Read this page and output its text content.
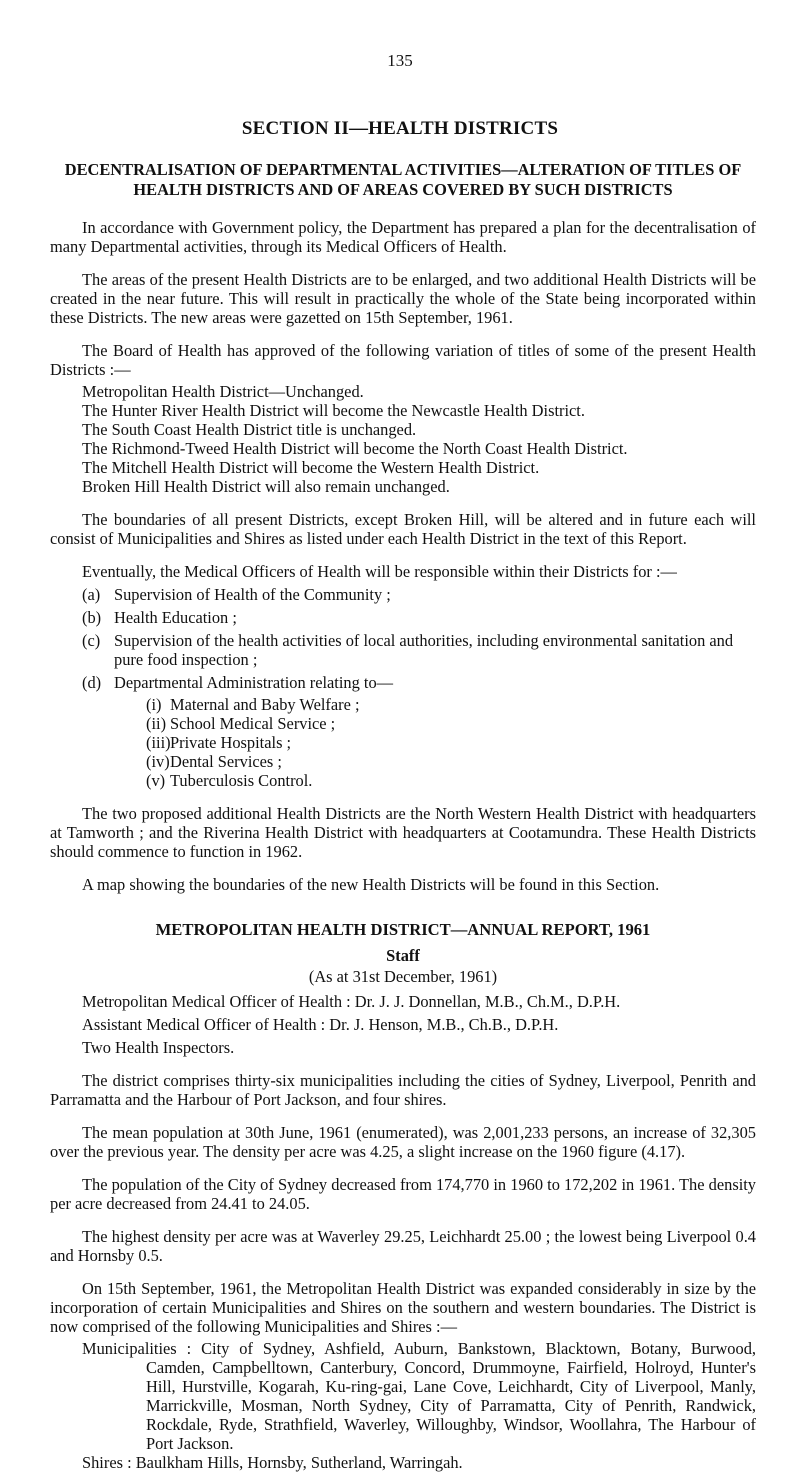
135
SECTION II—HEALTH DISTRICTS
DECENTRALISATION OF DEPARTMENTAL ACTIVITIES—ALTERATION OF TITLES OF HEALTH DISTRICTS AND OF AREAS COVERED BY SUCH DISTRICTS

In accordance with Government policy, the Department has prepared a plan for the decentralisation of many Departmental activities, through its Medical Officers of Health.

The areas of the present Health Districts are to be enlarged, and two additional Health Districts will be created in the near future. This will result in practically the whole of the State being incorporated within these Districts. The new areas were gazetted on 15th September, 1961.

The Board of Health has approved of the following variation of titles of some of the present Health Districts :—

Metropolitan Health District—Unchanged.
The Hunter River Health District will become the Newcastle Health District.
The South Coast Health District title is unchanged.
The Richmond-Tweed Health District will become the North Coast Health District.
The Mitchell Health District will become the Western Health District.
Broken Hill Health District will also remain unchanged.

The boundaries of all present Districts, except Broken Hill, will be altered and in future each will consist of Municipalities and Shires as listed under each Health District in the text of this Report.

Eventually, the Medical Officers of Health will be responsible within their Districts for :—

(a) Supervision of Health of the Community ;
(b) Health Education ;
(c) Supervision of the health activities of local authorities, including environmental sanitation and pure food inspection ;
(d) Departmental Administration relating to—
(i) Maternal and Baby Welfare ;
(ii) School Medical Service ;
(iii)Private Hospitals ;
(iv)Dental Services ;
(v) Tuberculosis Control.

The two proposed additional Health Districts are the North Western Health District with headquarters at Tamworth ; and the Riverina Health District with headquarters at Cootamundra. These Health Districts should commence to function in 1962.

A map showing the boundaries of the new Health Districts will be found in this Section.

METROPOLITAN HEALTH DISTRICT—ANNUAL REPORT, 1961
Staff
(As at 31st December, 1961)
Metropolitan Medical Officer of Health : Dr. J. J. Donnellan, M.B., Ch.M., D.P.H.
Assistant Medical Officer of Health : Dr. J. Henson, M.B., Ch.B., D.P.H.
Two Health Inspectors.

The district comprises thirty-six municipalities including the cities of Sydney, Liverpool, Penrith and Parramatta and the Harbour of Port Jackson, and four shires.

The mean population at 30th June, 1961 (enumerated), was 2,001,233 persons, an increase of 32,305 over the previous year. The density per acre was 4.25, a slight increase on the 1960 figure (4.17).

The population of the City of Sydney decreased from 174,770 in 1960 to 172,202 in 1961. The density per acre decreased from 24.41 to 24.05.

The highest density per acre was at Waverley 29.25, Leichhardt 25.00 ; the lowest being Liverpool 0.4 and Hornsby 0.5.

On 15th September, 1961, the Metropolitan Health District was expanded considerably in size by the incorporation of certain Municipalities and Shires on the southern and western boundaries. The District is now comprised of the following Municipalities and Shires :—

Municipalities : City of Sydney, Ashfield, Auburn, Bankstown, Blacktown, Botany, Burwood, Camden, Campbelltown, Canterbury, Concord, Drummoyne, Fairfield, Holroyd, Hunter's Hill, Hurstville, Kogarah, Ku-ring-gai, Lane Cove, Leichhardt, City of Liverpool, Manly, Marrickville, Mosman, North Sydney, City of Parramatta, City of Penrith, Randwick, Rockdale, Ryde, Strathfield, Waverley, Willoughby, Windsor, Woollahra, The Harbour of Port Jackson.

Shires : Baulkham Hills, Hornsby, Sutherland, Warringah.
